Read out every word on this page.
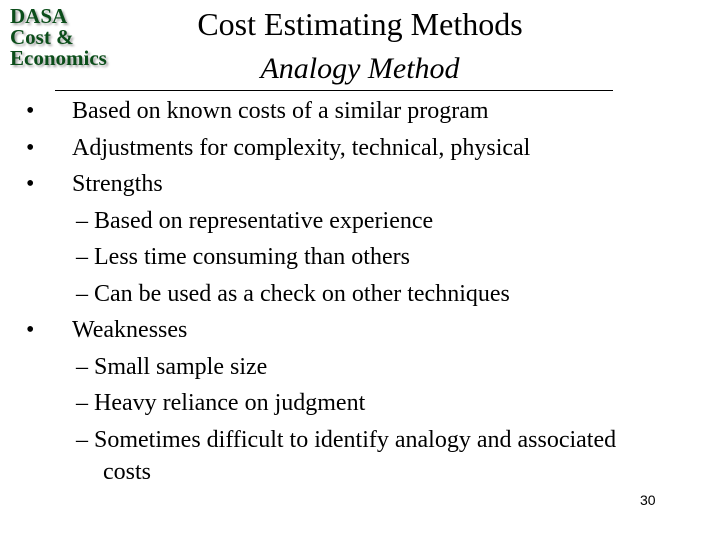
DASA
Cost &
Economics
Cost Estimating Methods
Analogy Method
• Based on known costs of a similar program
• Adjustments for complexity, technical, physical
• Strengths
– Based on representative experience
– Less time consuming than others
– Can be used as a check on other techniques
• Weaknesses
– Small sample size
– Heavy reliance on judgment
– Sometimes difficult to identify analogy and associated costs
30
